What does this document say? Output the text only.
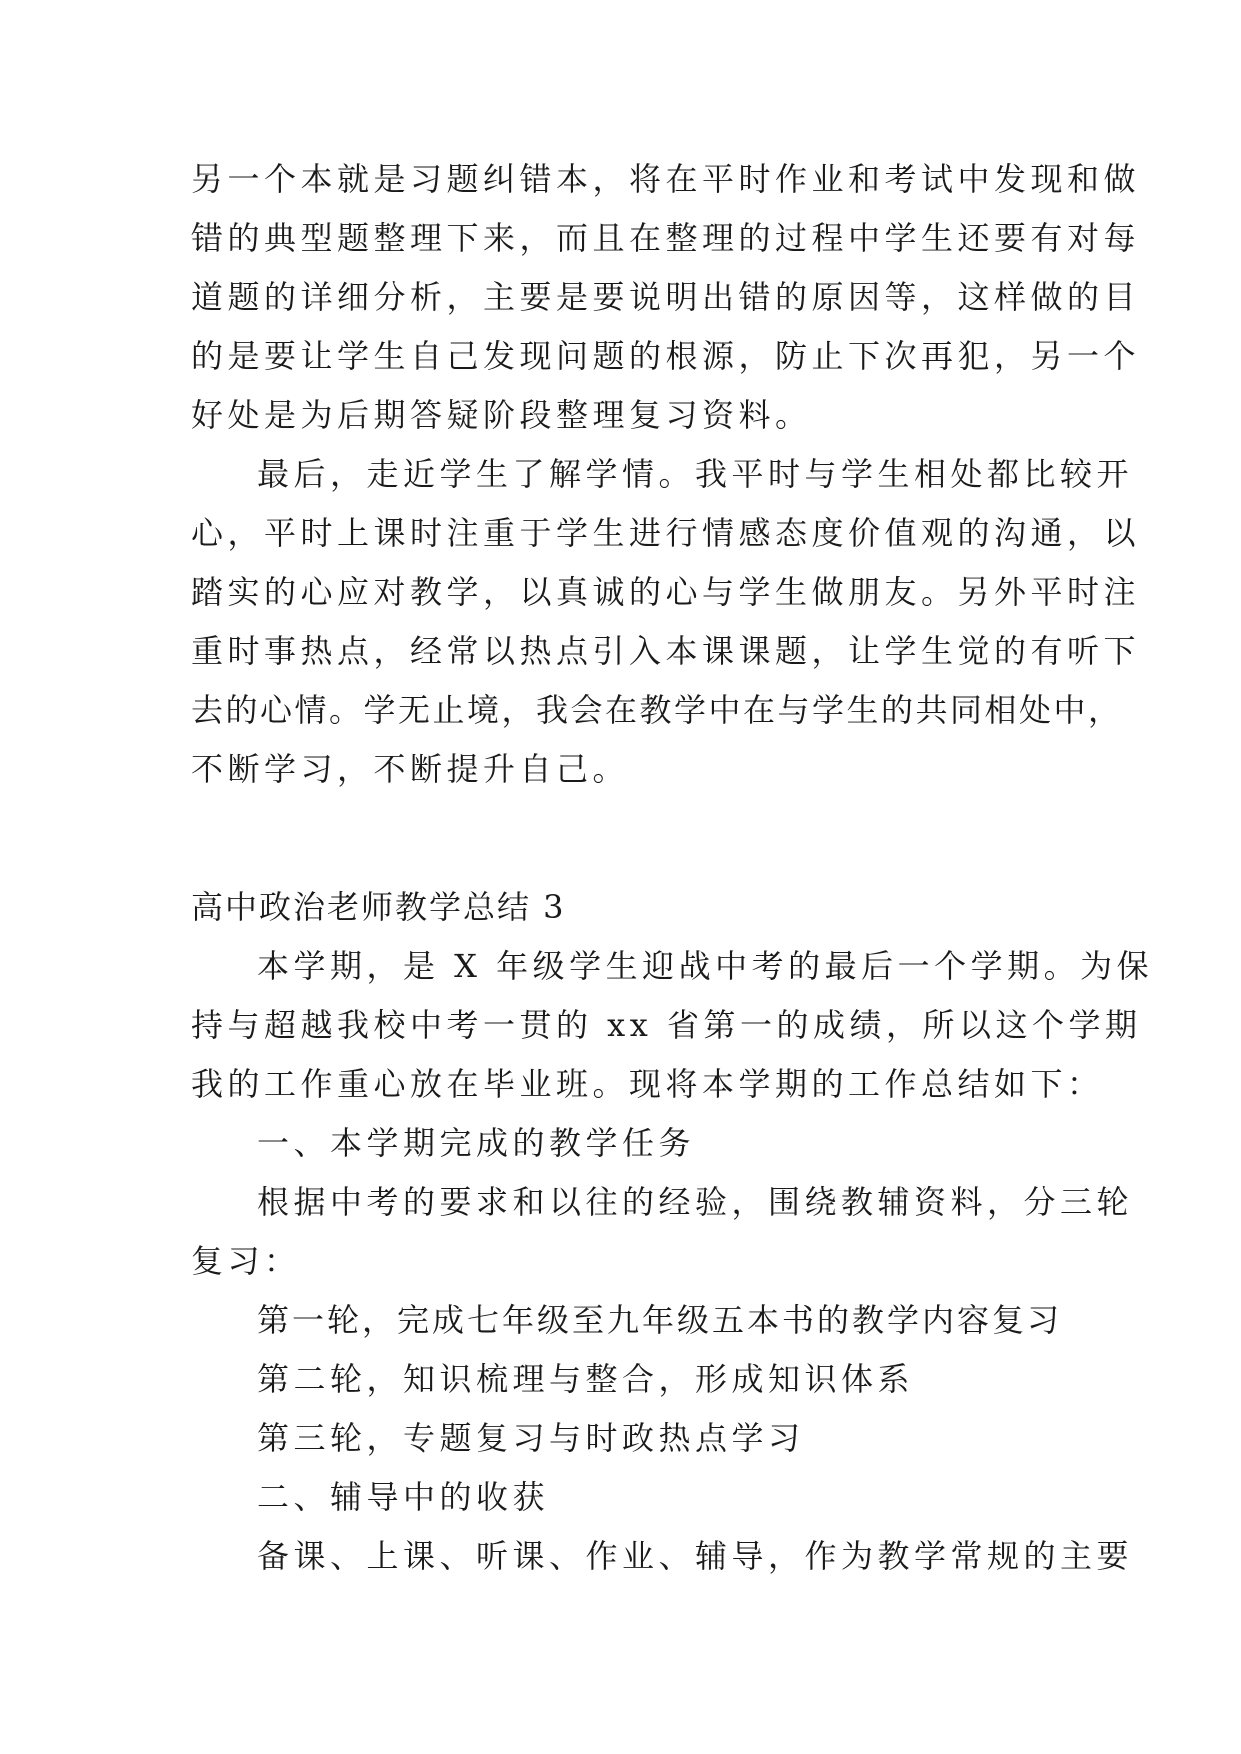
另一个本就是习题纠错本，将在平时作业和考试中发现和做
错的典型题整理下来，而且在整理的过程中学生还要有对每
道题的详细分析，主要是要说明出错的原因等，这样做的目
的是要让学生自己发现问题的根源，防止下次再犯，另一个
好处是为后期答疑阶段整理复习资料。
最后，走近学生了解学情。我平时与学生相处都比较开
心，平时上课时注重于学生进行情感态度价值观的沟通，以
踏实的心应对教学，以真诚的心与学生做朋友。另外平时注
重时事热点，经常以热点引入本课课题，让学生觉的有听下
去的心情。学无止境，我会在教学中在与学生的共同相处中，
不断学习，不断提升自己。
高中政治老师教学总结 3
本学期，是 X 年级学生迎战中考的最后一个学期。为保
持与超越我校中考一贯的 xx 省第一的成绩，所以这个学期
我的工作重心放在毕业班。现将本学期的工作总结如下：
一、本学期完成的教学任务
根据中考的要求和以往的经验，围绕教辅资料，分三轮
复习：
第一轮，完成七年级至九年级五本书的教学内容复习
第二轮，知识梳理与整合，形成知识体系
第三轮，专题复习与时政热点学习
二、辅导中的收获
备课、上课、听课、作业、辅导，作为教学常规的主要
